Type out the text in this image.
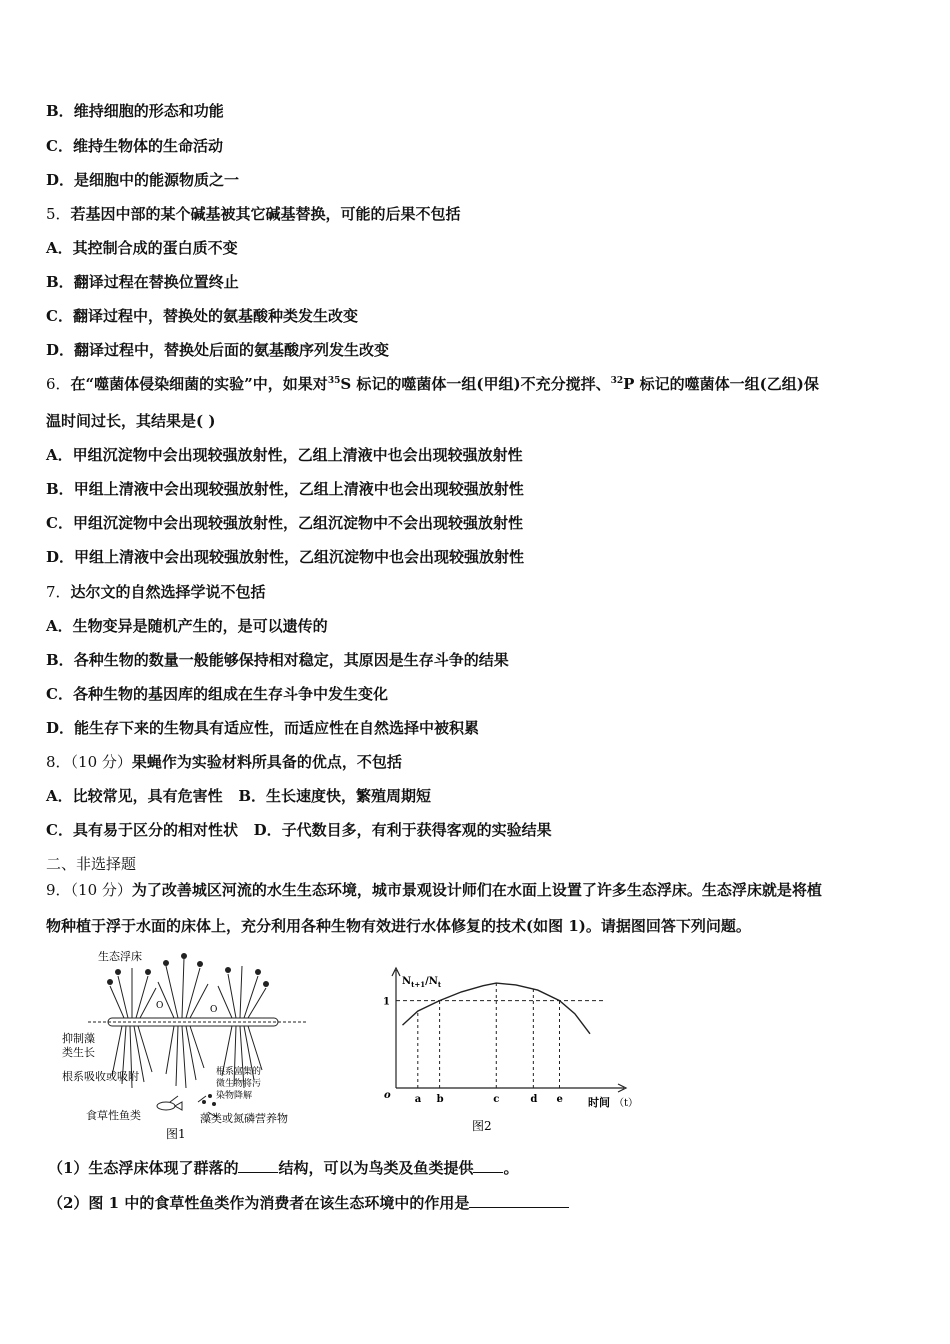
B．维持细胞的形态和功能
C．维持生物体的生命活动
D．是细胞中的能源物质之一
5．若基因中部的某个碱基被其它碱基替换，可能的后果不包括
A．其控制合成的蛋白质不变
B．翻译过程在替换位置终止
C．翻译过程中，替换处的氨基酸种类发生改变
D．翻译过程中，替换处后面的氨基酸序列发生改变
6．在“噬菌体侵染细菌的实验”中，如果对$^{35}$S 标记的噬菌体一组(甲组)不充分搅拌、$^{32}$P 标记的噬菌体一组(乙组)保
温时间过长，其结果是( )
A．甲组沉淀物中会出现较强放射性，乙组上清液中也会出现较强放射性
B．甲组上清液中会出现较强放射性，乙组上清液中也会出现较强放射性
C．甲组沉淀物中会出现较强放射性，乙组沉淀物中不会出现较强放射性
D．甲组上清液中会出现较强放射性，乙组沉淀物中也会出现较强放射性
7．达尔文的自然选择学说不包括
A．生物变异是随机产生的，是可以遗传的
B．各种生物的数量一般能够保持相对稳定，其原因是生存斗争的结果
C．各种生物的基因库的组成在生存斗争中发生变化
D．能生存下来的生物具有适应性，而适应性在自然选择中被积累
8．（10 分）果蝇作为实验材料所具备的优点，不包括
A．比较常见，具有危害性 B．生长速度快，繁殖周期短
C．具有易于区分的相对性状 D．子代数目多，有利于获得客观的实验结果
二、非选择题
9．（10 分）为了改善城区河流的水生生态环境，城市景观设计师们在水面上设置了许多生态浮床。生态浮床就是将植
物种植于浮于水面的床体上，充分利用各种生物有效进行水体修复的技术(如图 1)。请据图回答下列问题。
生态浮床
抑制藻
类生长
根系吸收或吸附
食草性鱼类	藻类或氮磷营养物
根系富集的
微生物将污
染物降解
O	O
图1
$N_{t+1}/N_t$
1
o a b	c	d e 时间 （t）
图2
（1）生态浮床体现了群落的	结构，可以为鸟类及鱼类提供 。
（2）图 1 中的食草性鱼类作为消费者在该生态环境中的作用是
